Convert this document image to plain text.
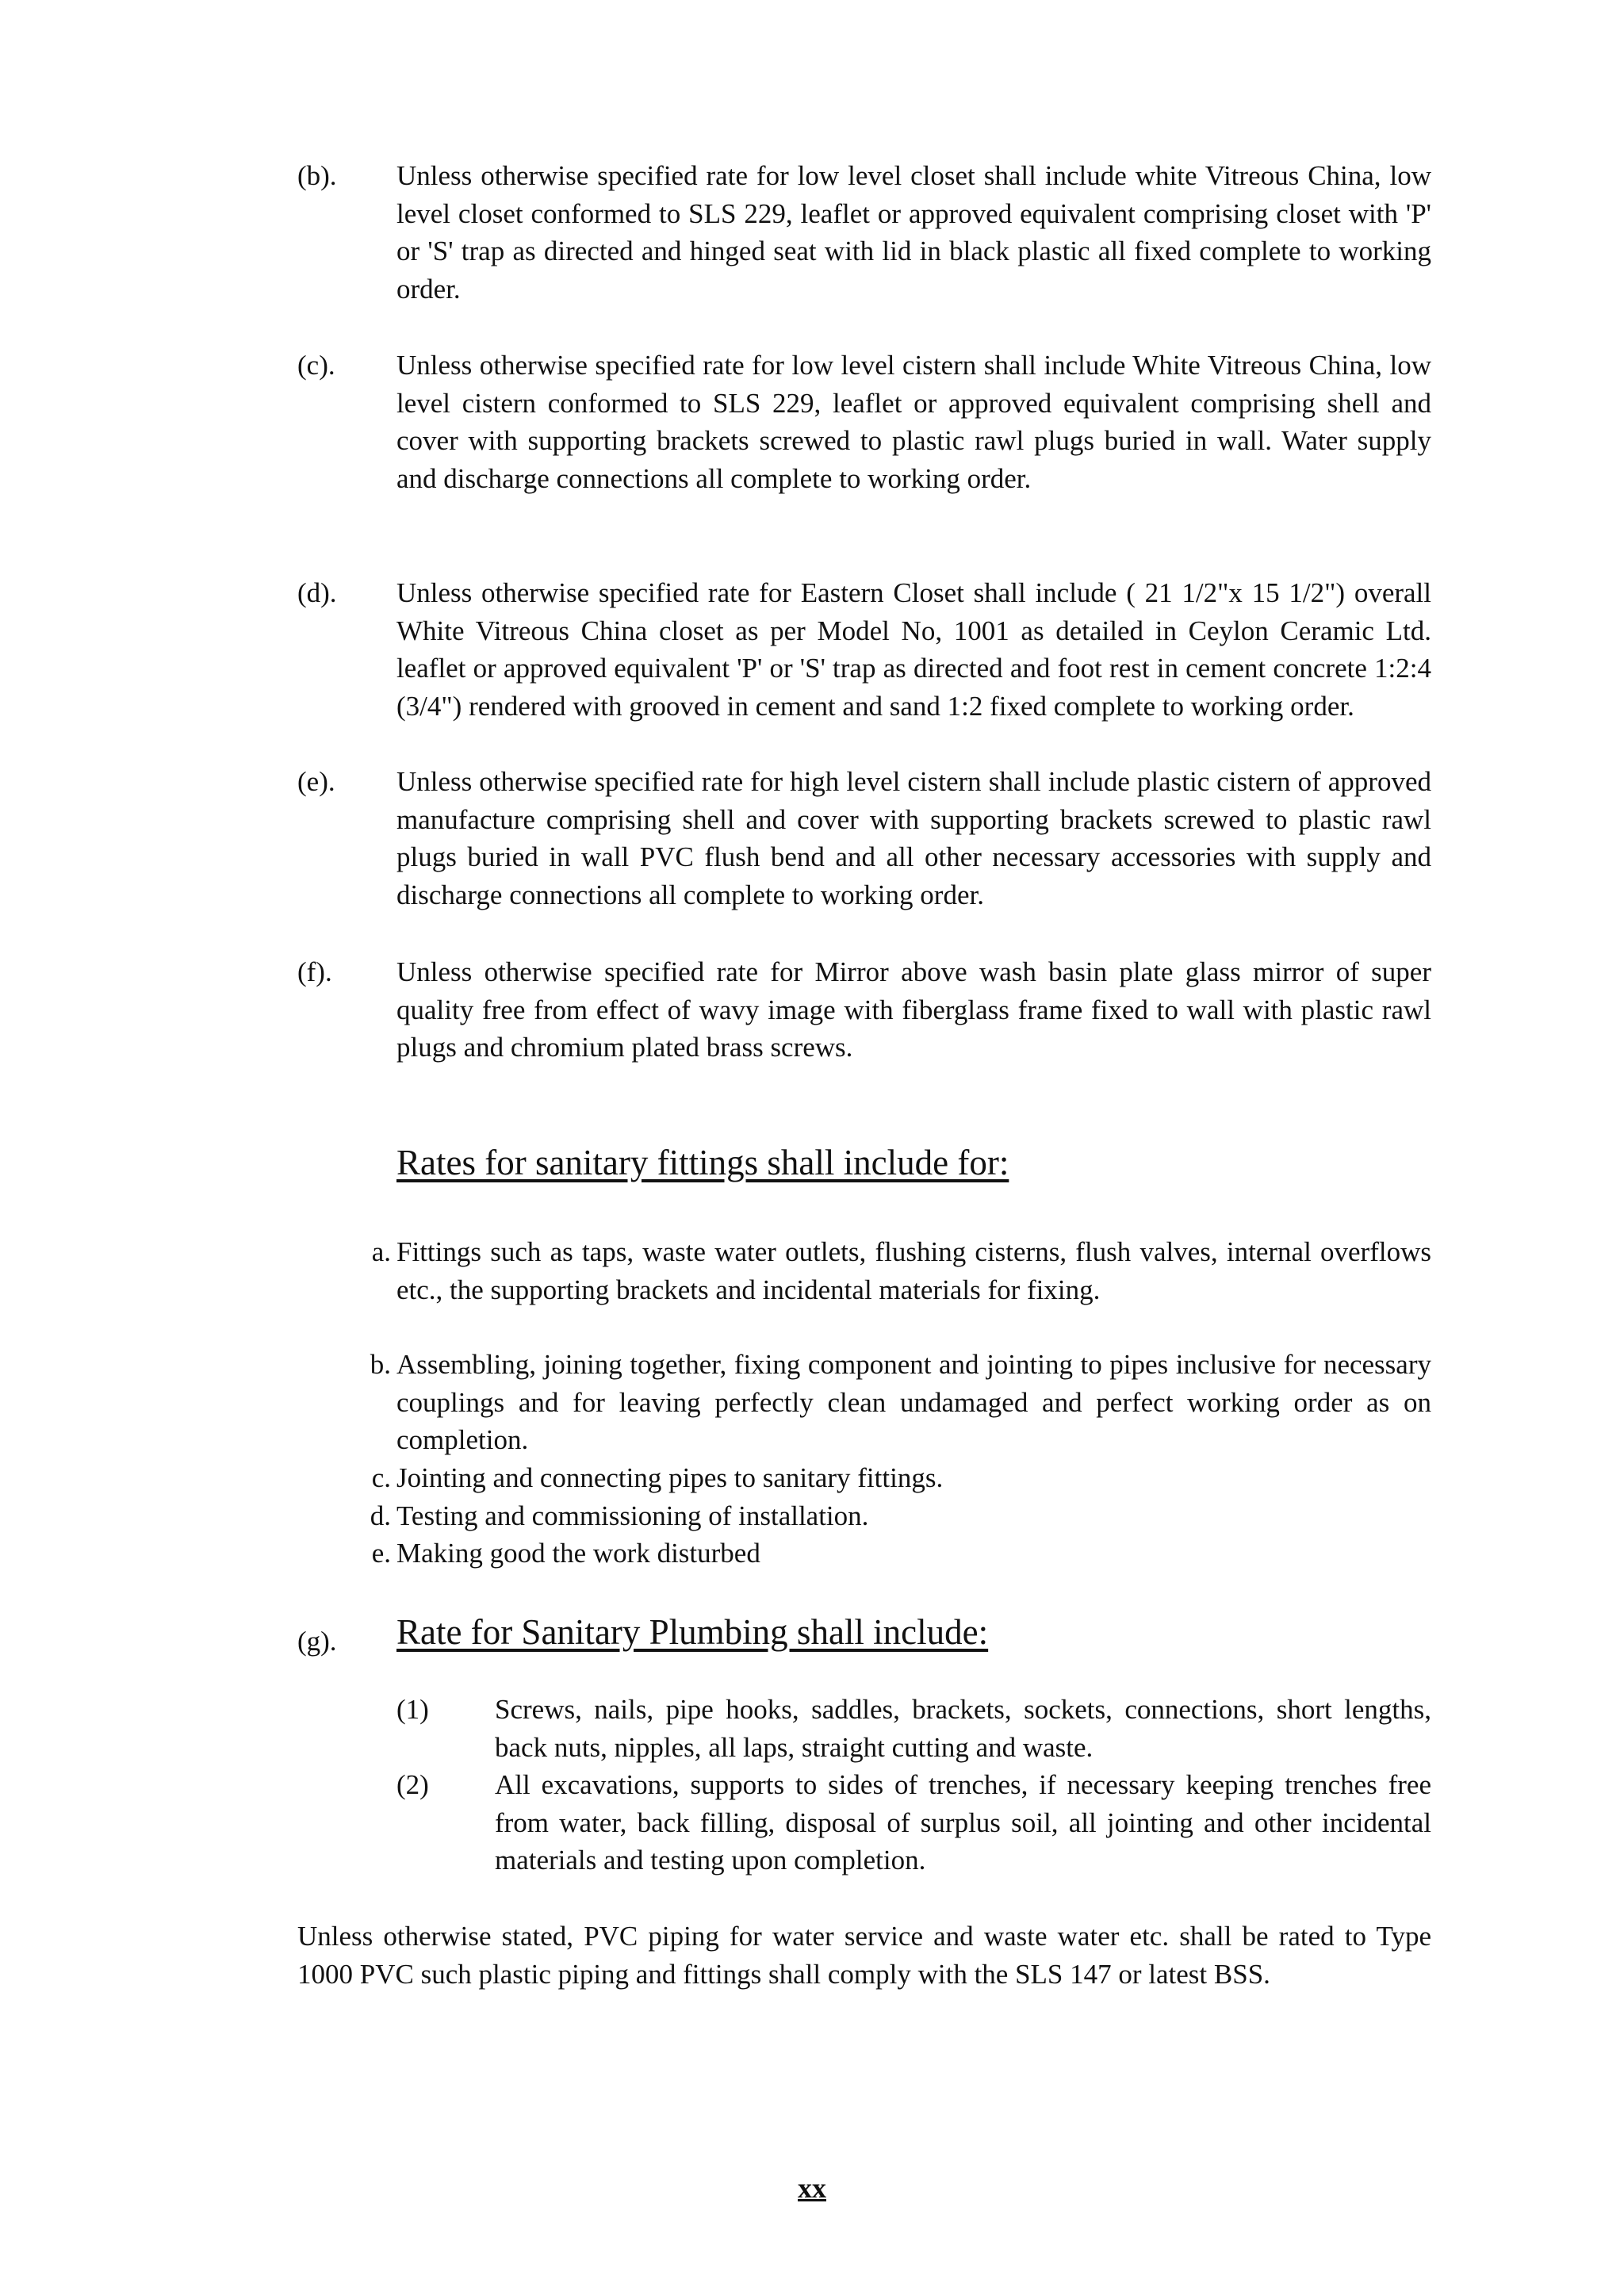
(b). Unless otherwise specified rate for low level closet shall include white Vitreous China, low level closet conformed to SLS 229, leaflet or approved equivalent comprising closet with 'P' or 'S' trap as directed and hinged seat with lid in black plastic all fixed complete to working order.
(c). Unless otherwise specified rate for low level cistern shall include White Vitreous China, low level cistern conformed to SLS 229, leaflet or approved equivalent comprising shell and cover with supporting brackets screwed to plastic rawl plugs buried in wall. Water supply and discharge connections all complete to working order.
(d). Unless otherwise specified rate for Eastern Closet shall include ( 21 1/2"x 15 1/2") overall White Vitreous China closet as per Model No, 1001 as detailed in Ceylon Ceramic Ltd. leaflet or approved equivalent 'P' or 'S' trap as directed and foot rest in cement concrete 1:2:4 (3/4") rendered with grooved in cement and sand 1:2 fixed complete to working order.
(e). Unless otherwise specified rate for high level cistern shall include plastic cistern of approved manufacture comprising shell and cover with supporting brackets screwed to plastic rawl plugs buried in wall PVC flush bend and all other necessary accessories with supply and discharge connections all complete to working order.
(f). Unless otherwise specified rate for Mirror above wash basin plate glass mirror of super quality free from effect of wavy image with fiberglass frame fixed to wall with plastic rawl plugs and chromium plated brass screws.
Rates for sanitary fittings shall include for:
a. Fittings such as taps, waste water outlets, flushing cisterns, flush valves, internal overflows etc., the supporting brackets and incidental materials for fixing.
b. Assembling, joining together, fixing component and jointing to pipes inclusive for necessary couplings and for leaving perfectly clean undamaged and perfect working order as on completion.
c. Jointing and connecting pipes to sanitary fittings.
d. Testing and commissioning of installation.
e. Making good the work disturbed
(g). Rate for Sanitary Plumbing shall include:
(1) Screws, nails, pipe hooks, saddles, brackets, sockets, connections, short lengths, back nuts, nipples, all laps, straight cutting and waste.
(2) All excavations, supports to sides of trenches, if necessary keeping trenches free from water, back filling, disposal of surplus soil, all jointing and other incidental materials and testing upon completion.
Unless otherwise stated, PVC piping for water service and waste water etc. shall be rated to Type 1000 PVC such plastic piping and fittings shall comply with the SLS 147 or latest BSS.
xx
